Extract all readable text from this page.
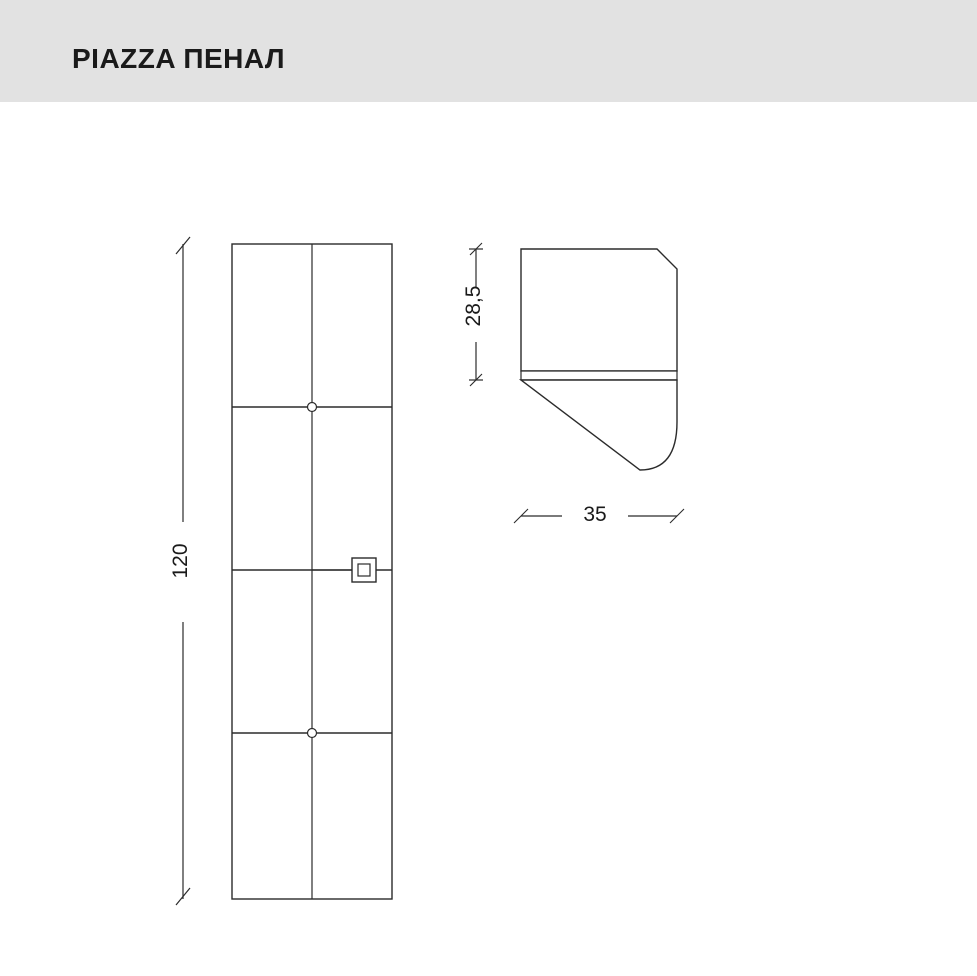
PIAZZA ПЕНАЛ
120
28,5
35
